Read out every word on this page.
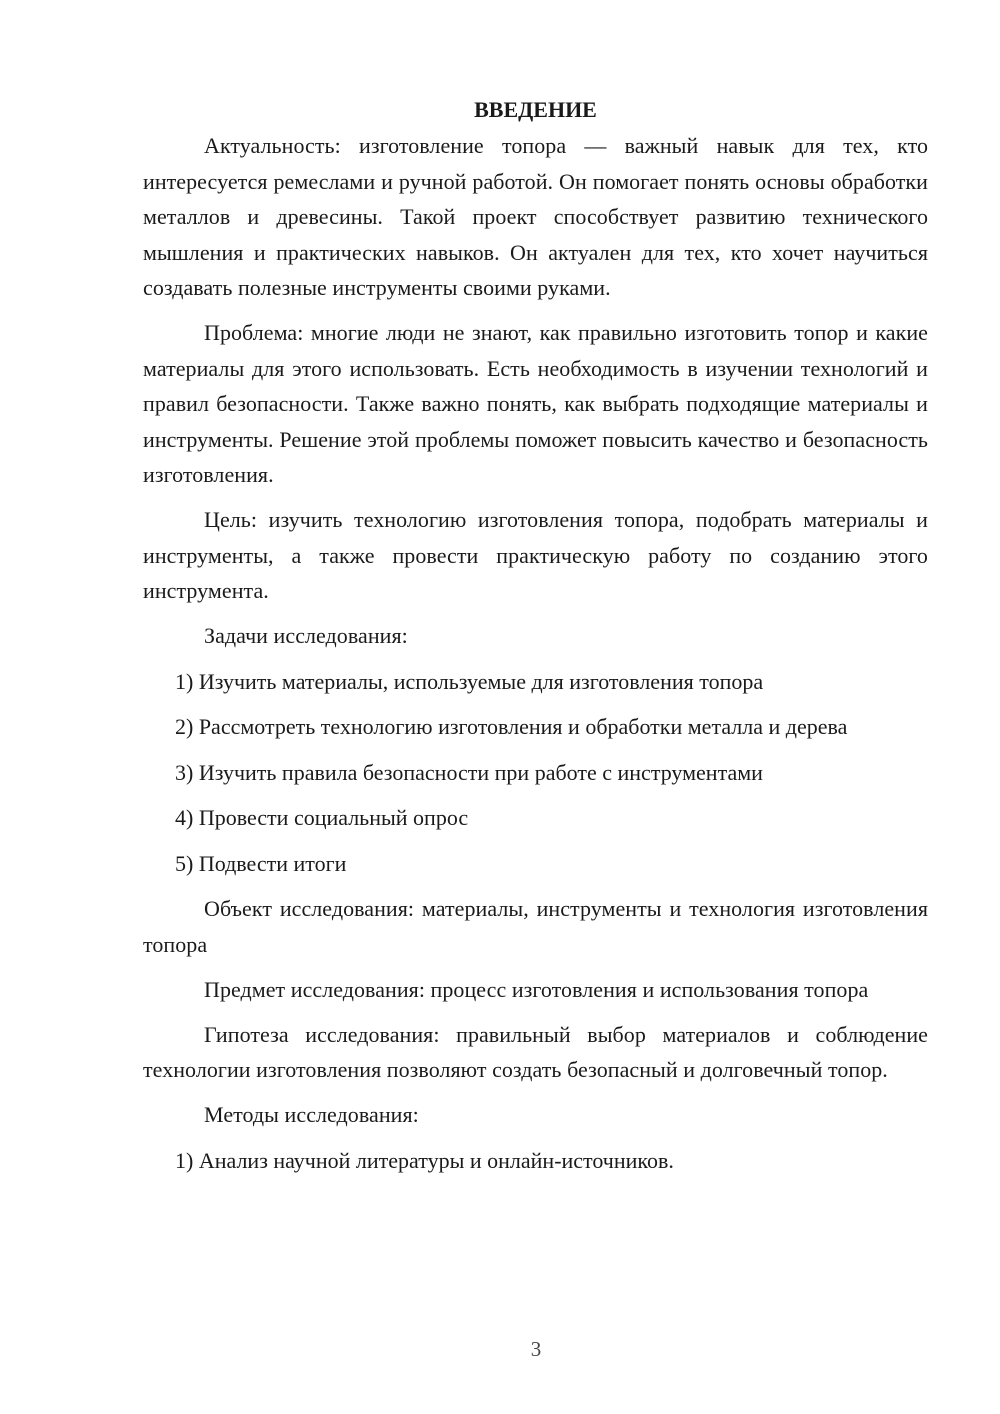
ВВЕДЕНИЕ

Актуальность: изготовление топора — важный навык для тех, кто интересуется ремеслами и ручной работой. Он помогает понять основы обработки металлов и древесины. Такой проект способствует развитию технического мышления и практических навыков. Он актуален для тех, кто хочет научиться создавать полезные инструменты своими руками.

Проблема: многие люди не знают, как правильно изготовить топор и какие материалы для этого использовать. Есть необходимость в изучении технологий и правил безопасности. Также важно понять, как выбрать подходящие материалы и инструменты. Решение этой проблемы поможет повысить качество и безопасность изготовления.

Цель: изучить технологию изготовления топора, подобрать материалы и инструменты, а также провести практическую работу по созданию этого инструмента.

Задачи исследования:

1) Изучить материалы, используемые для изготовления топора

2) Рассмотреть технологию изготовления и обработки металла и дерева

3) Изучить правила безопасности при работе с инструментами

4) Провести социальный опрос

5) Подвести итоги

Объект исследования: материалы, инструменты и технология изготовления топора

Предмет исследования: процесс изготовления и использования топора

Гипотеза исследования: правильный выбор материалов и соблюдение технологии изготовления позволяют создать безопасный и долговечный топор.

Методы исследования:

1) Анализ научной литературы и онлайн-источников.

3
